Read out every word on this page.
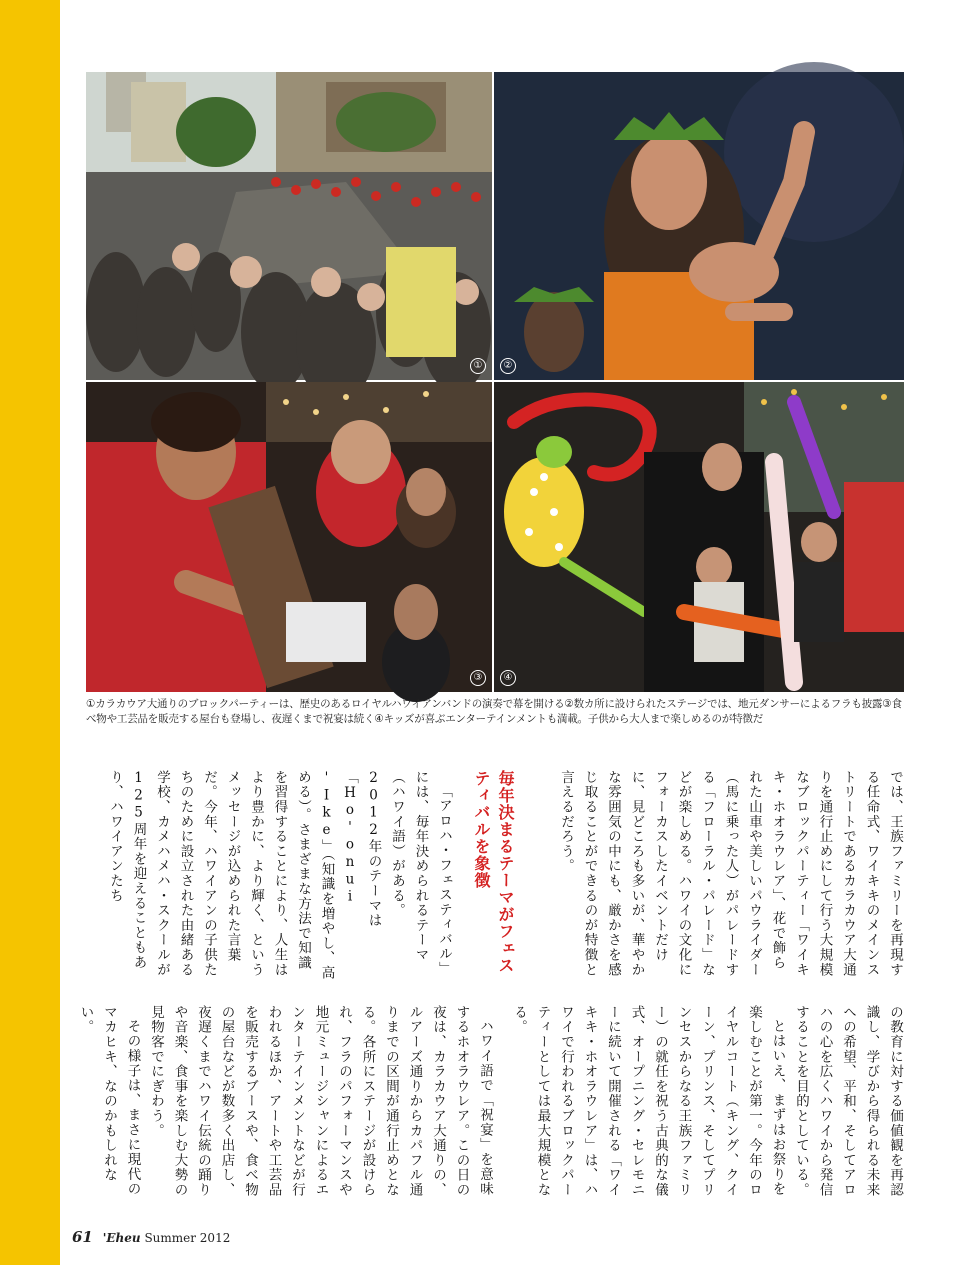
①	②
③	④
①カラカウア大通りのブロックパーティーは、歴史のあるロイヤルハワイアンバンドの演奏で幕を開ける②数カ所に設けられたステージでは、地元ダンサーによるフラも披露③食べ物や工芸品を販売する屋台も登場し、夜遅くまで祝宴は続く④キッズが喜ぶエンターテインメントも満載。子供から大人まで楽しめるのが特徴だ

では、王族ファミリーを再現する任命式、ワイキキのメインストリートであるカラカウア大通りを通行止めにして行う大規模なブロックパーティー「ワイキキ・ホオラウレア」、花で飾られた山車や美しいパウライダー（馬に乗った人）がパレードする「フローラル・パレード」などが楽しめる。ハワイの文化にフォーカスしたイベントだけに、見どころも多いが、華やかな雰囲気の中にも、厳かさを感じ取ることができるのが特徴と言えるだろう。

毎年決まるテーマがフェスティバルを象徴

「アロハ・フェスティバル」には、毎年決められるテーマ（ハワイ語）がある。2012年のテーマは「Ho'onui 'Ike」（知識を増やし、高める）。さまざまな方法で知識を習得することにより、人生はより豊かに、より輝く、というメッセージが込められた言葉だ。今年、ハワイアンの子供たちのために設立された由緒ある学校、カメハメハ・スクールが125周年を迎えることもあり、ハワイアンたち

の教育に対する価値観を再認識し、学びから得られる未来への希望、平和、そしてアロハの心を広くハワイから発信することを目的としている。

とはいえ、まずはお祭りを楽しむことが第一。今年のロイヤルコート（キング、クイーン、プリンス、そしてプリンセスからなる王族ファミリー）の就任を祝う古典的な儀式、オープニング・セレモニーに続いて開催される「ワイキキ・ホオラウレア」は、ハワイで行われるブロックパーティーとしては最大規模となる。

ハワイ語で「祝宴」を意味するホオラウレア。この日の夜は、カラカウア大通りの、ルアーズ通りからカパフル通りまでの区間が通行止めとなる。各所にステージが設けられ、フラのパフォーマンスや地元ミュージシャンによるエンターテインメントなどが行われるほか、アートや工芸品を販売するブースや、食べ物の屋台などが数多く出店し、夜遅くまでハワイ伝統の踊りや音楽、食事を楽しむ大勢の見物客でにぎわう。

その様子は、まさに現代のマカヒキ、なのかもしれない。

61 'Eheu Summer 2012
